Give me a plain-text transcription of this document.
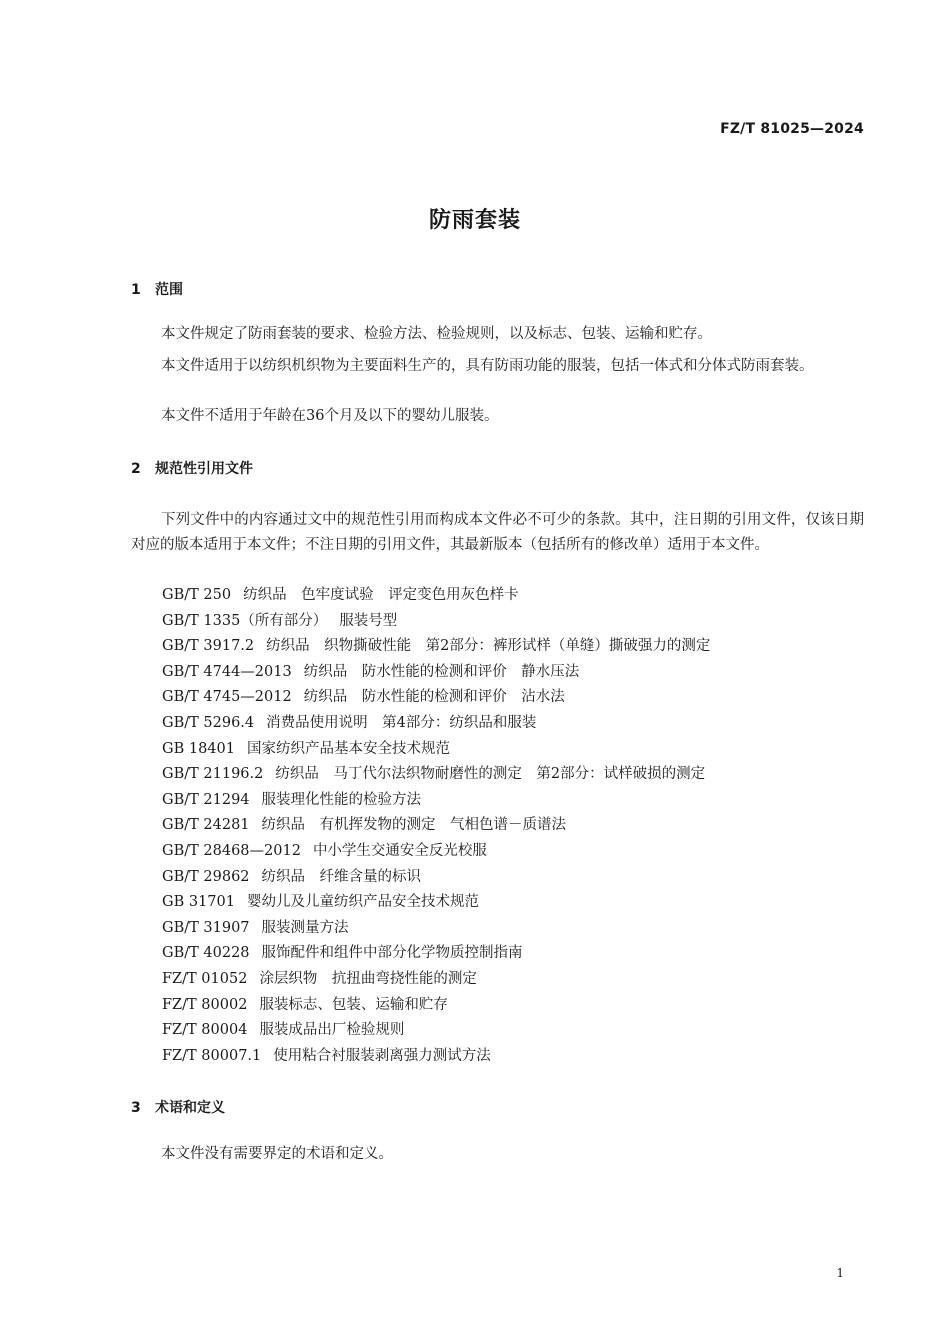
FZ/T 81025—2024
防雨套装
1 范围

本文件规定了防雨套装的要求、检验方法、检验规则，以及标志、包装、运输和贮存。

本文件适用于以纺织机织物为主要面料生产的，具有防雨功能的服装，包括一体式和分体式防雨套装。

本文件不适用于年龄在36个月及以下的婴幼儿服装。

2 规范性引用文件

下列文件中的内容通过文中的规范性引用而构成本文件必不可少的条款。其中，注日期的引用文件，仅该日期对应的版本适用于本文件；不注日期的引用文件，其最新版本（包括所有的修改单）适用于本文件。

GB/T 250 纺织品　色牢度试验　评定变色用灰色样卡
GB/T 1335（所有部分） 服装号型
GB/T 3917.2 纺织品　织物撕破性能　第2部分：裤形试样（单缝）撕破强力的测定
GB/T 4744—2013 纺织品　防水性能的检测和评价　静水压法
GB/T 4745—2012 纺织品　防水性能的检测和评价　沾水法
GB/T 5296.4 消费品使用说明　第4部分：纺织品和服装
GB 18401 国家纺织产品基本安全技术规范
GB/T 21196.2 纺织品　马丁代尔法织物耐磨性的测定　第2部分：试样破损的测定
GB/T 21294 服装理化性能的检验方法
GB/T 24281 纺织品　有机挥发物的测定　气相色谱－质谱法
GB/T 28468—2012 中小学生交通安全反光校服
GB/T 29862 纺织品　纤维含量的标识
GB 31701 婴幼儿及儿童纺织产品安全技术规范
GB/T 31907 服装测量方法
GB/T 40228 服饰配件和组件中部分化学物质控制指南
FZ/T 01052 涂层织物　抗扭曲弯挠性能的测定
FZ/T 80002 服装标志、包装、运输和贮存
FZ/T 80004 服装成品出厂检验规则
FZ/T 80007.1 使用粘合衬服装剥离强力测试方法
3 术语和定义

本文件没有需要界定的术语和定义。

1
